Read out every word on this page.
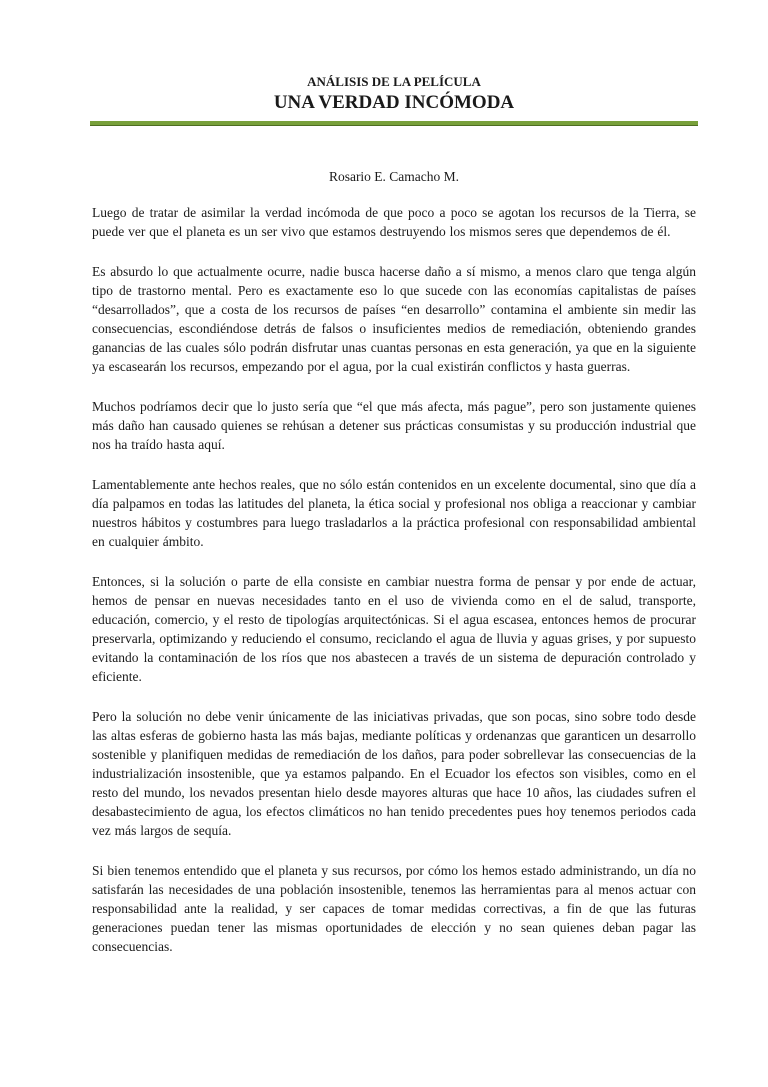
ANÁLISIS DE LA PELÍCULA

UNA VERDAD INCÓMODA

Rosario E. Camacho M.

Luego de tratar de asimilar la verdad incómoda de que poco a poco se agotan los recursos de la Tierra, se puede ver que el planeta es un ser vivo que estamos destruyendo los mismos seres que dependemos de él.

Es absurdo lo que actualmente ocurre, nadie busca hacerse daño a sí mismo, a menos claro que tenga algún tipo de trastorno mental. Pero es exactamente eso lo que sucede con las economías capitalistas de países “desarrollados”, que a costa de los recursos de países “en desarrollo” contamina el ambiente sin medir las consecuencias, escondiéndose detrás de falsos o insuficientes medios de remediación, obteniendo grandes ganancias de las cuales sólo podrán disfrutar unas cuantas personas en esta generación, ya que en la siguiente ya escasearán los recursos, empezando por el agua, por la cual existirán conflictos y hasta guerras.

Muchos podríamos decir que lo justo sería que “el que más afecta, más pague”, pero son justamente quienes más daño han causado quienes se rehúsan a detener sus prácticas consumistas y su producción industrial que nos ha traído hasta aquí.

Lamentablemente ante hechos reales, que no sólo están contenidos en un excelente documental, sino que día a día palpamos en todas las latitudes del planeta, la ética social y profesional nos obliga a reaccionar y cambiar nuestros hábitos y costumbres para luego trasladarlos a la práctica profesional con responsabilidad ambiental en cualquier ámbito.

Entonces, si la solución o parte de ella consiste en cambiar nuestra forma de pensar y por ende de actuar, hemos de pensar en nuevas necesidades tanto en el uso de vivienda como en el de salud, transporte, educación, comercio, y el resto de tipologías arquitectónicas. Si el agua escasea, entonces hemos de procurar preservarla, optimizando y reduciendo el consumo, reciclando el agua de lluvia y aguas grises, y por supuesto evitando la contaminación de los ríos que nos abastecen a través de un sistema de depuración controlado y eficiente.

Pero la solución no debe venir únicamente de las iniciativas privadas, que son pocas, sino sobre todo desde las altas esferas de gobierno hasta las más bajas, mediante políticas y ordenanzas que garanticen un desarrollo sostenible y planifiquen medidas de remediación de los daños, para poder sobrellevar las consecuencias de la industrialización insostenible, que ya estamos palpando. En el Ecuador los efectos son visibles, como en el resto del mundo, los nevados presentan hielo desde mayores alturas que hace 10 años, las ciudades sufren el desabastecimiento de agua, los efectos climáticos no han tenido precedentes pues hoy tenemos periodos cada vez más largos de sequía.

Si bien tenemos entendido que el planeta y sus recursos, por cómo los hemos estado administrando, un día no satisfarán las necesidades de una población insostenible, tenemos las herramientas para al menos actuar con responsabilidad ante la realidad, y ser capaces de tomar medidas correctivas, a fin de que las futuras generaciones puedan tener las mismas oportunidades de elección y no sean quienes deban pagar las consecuencias.
